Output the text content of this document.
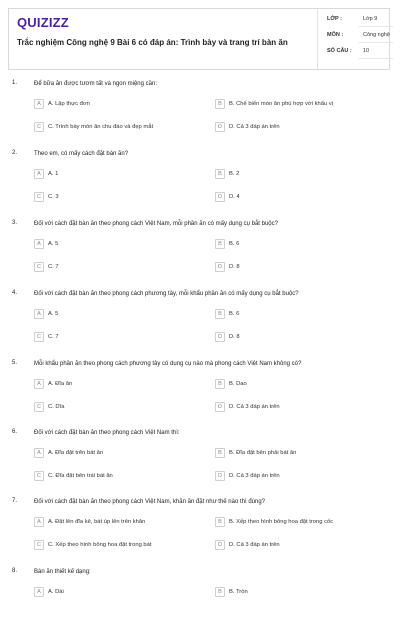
QUIZIZZ
Trắc nghiệm Công nghệ 9 Bài 6 có đáp án: Trình bày và trang trí bàn ăn
LỚP :	Lớp 9
MÔN :	Công nghệ
SỐ CÂU : 10
1.	Để bữa ăn được tươm tất và ngon miệng cần:
A	A. Lập thực đơn	B	B. Chế biến món ăn phù hợp với khẩu vị
C	C. Trình bày món ăn chu đáo và đẹp mắt	D	D. Cả 3 đáp án trên
2.	Theo em, có mấy cách đặt bàn ăn?
A	A. 1	B	B. 2
C	C. 3	D	D. 4
3.	Đối với cách đặt bàn ăn theo phong cách Việt Nam, mỗi phần ăn có mấy dụng cụ bắt buộc?
A	A. 5	B	B. 6
C	C. 7	D	D. 8
4.	Đối với cách đặt bàn ăn theo phong cách phương tây, mỗi khẩu phần ăn có mấy dụng cụ bắt buộc?
A	A. 5	B	B. 6
C	C. 7	D	D. 8
5.	Mỗi khẩu phần ăn theo phong cách phương tây có dụng cụ nào mà phong cách Việt Nam không có?
A	A. Đĩa ăn	B	B. Dao
C	C. Dĩa	D	D. Cả 3 đáp án trên
6.	Đối với cách đặt bàn ăn theo phong cách Việt Nam thì:
A	A. Đĩa đặt trên bát ăn	B	B. Đĩa đặt bên phải bát ăn
C	C. Đĩa đặt bên trái bát ăn	D	D. Cả 3 đáp án trên
7.	Đối với cách đặt bàn ăn theo phong cách Việt Nam, khăn ăn đặt như thế nào thì đúng?
A	A. Đặt lên đĩa kê, bát úp lên trên khăn	B	B. Xếp theo hình bông hoa đặt trong cốc
C	C. Xếp theo hình bông hoa đặt trong bát	D	D. Cả 3 đáp án trên
8.	Bàn ăn thiết kế dạng:
A	A. Dài	B	B. Tròn
